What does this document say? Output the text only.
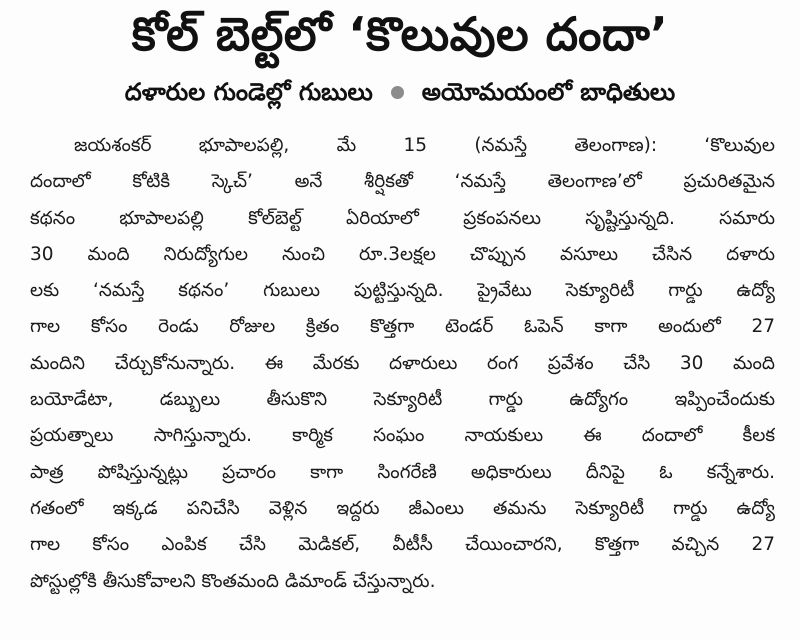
కోల్‌ బెల్ట్‌లో ‘కొలువుల దందా’
దళారుల గుండెల్లో గుబులు అయోమయంలో బాధితులు
జయశంకర్‌ భూపాలపల్లి, మే 15 (నమస్తే తెలంగాణ): ‘కొలువుల
దందాలో కోటికి స్కెచ్‌’ అనే శీర్షికతో ‘నమస్తే తెలంగాణ’లో ప్రచురితమైన
కథనం భూపాలపల్లి కోల్‌బెల్ట్‌ ఏరియాలో ప్రకంపనలు సృష్టిస్తున్నది. సమారు
30 మంది నిరుద్యోగుల నుంచి రూ.3లక్షల చొప్పున వసూలు చేసిన దళారు
లకు ‘నమస్తే కథనం’ గుబులు పుట్టిస్తున్నది. ప్రైవేటు సెక్యూరిటీ గార్డు ఉద్యో
గాల కోసం రెండు రోజుల క్రితం కొత్తగా టెండర్‌ ఓపెన్‌ కాగా అందులో 27
మందిని చేర్చుకోనున్నారు. ఈ మేరకు దళారులు రంగ ప్రవేశం చేసి 30 మంది
బయోడేటా, డబ్బులు తీసుకొని సెక్యూరిటీ గార్డు ఉద్యోగం ఇప్పించేందుకు
ప్రయత్నాలు సాగిస్తున్నారు. కార్మిక సంఘం నాయకులు ఈ దందాలో కీలక
పాత్ర పోషిస్తున్నట్లు ప్రచారం కాగా సింగరేణి అధికారులు దీనిపై ఓ కన్నేశారు.
గతంలో ఇక్కడ పనిచేసి వెళ్లిన ఇద్దరు జీఎంలు తమను సెక్యూరిటీ గార్డు ఉద్యో
గాల కోసం ఎంపిక చేసి మెడికల్‌, వీటీసీ చేయించారని, కొత్తగా వచ్చిన 27
పోస్టుల్లోకి తీసుకోవాలని కొంతమంది డిమాండ్‌ చేస్తున్నారు.
